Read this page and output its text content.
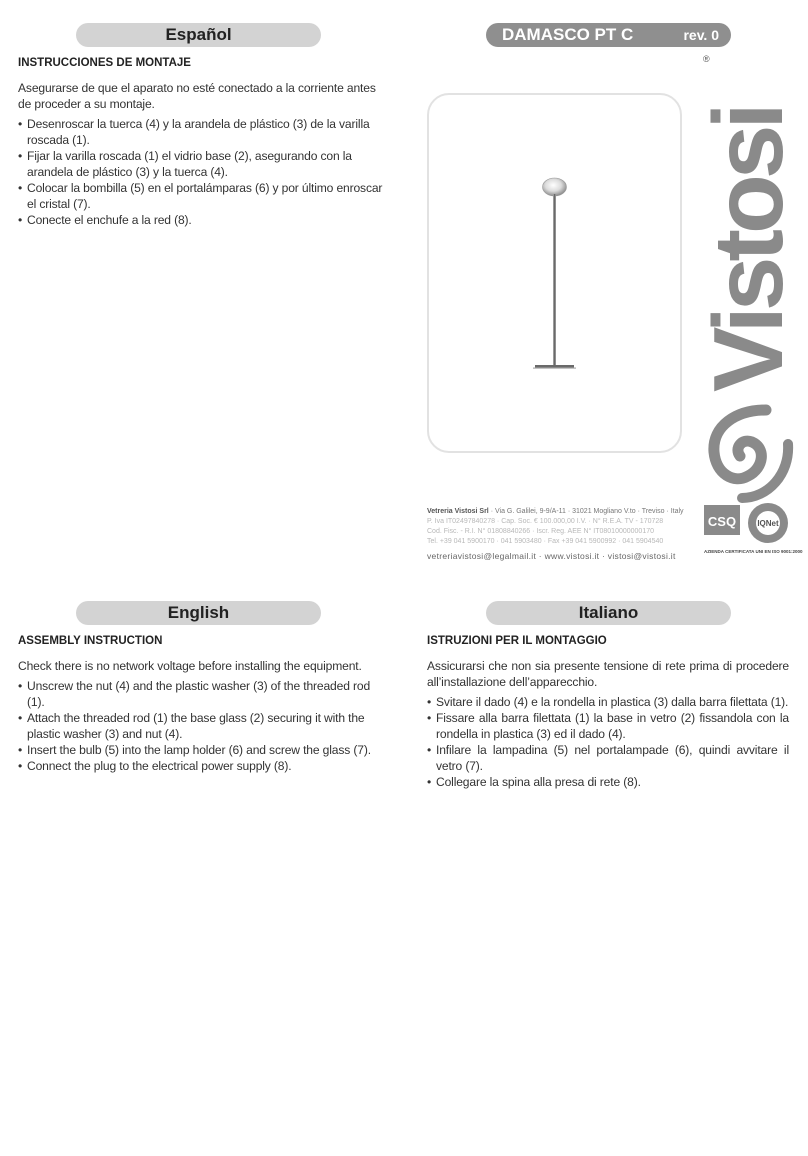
DAMASCO PT C	rev. 0
Español
INSTRUCCIONES DE MONTAJE

Asegurarse de que el aparato no esté conectado a la corriente antes de proceder a su montaje.

• Desenroscar la tuerca (4) y la arandela de plástico (3) de la varilla roscada (1).
• Fijar la varilla roscada (1) el vidrio base (2), asegurando con la arandela de plástico (3) y la tuerca (4).
• Colocar la bombilla (5) en el portalámparas (6) y por último enroscar el cristal (7).
• Conecte el enchufe a la red (8).
®
Vistosi
Vetreria Vistosi Srl · Via G. Galilei, 9-9/A-11 · 31021 Mogliano V.to · Treviso · Italy
P. Iva IT02497840278 · Cap. Soc. € 100.000,00 I.V. · N° R.E.A. TV - 170728
Cod. Fisc. - R.I. N° 01808840266 · Iscr. Reg. AEE N° IT08010000000170
Tel. +39 041 5900170 · 041 5903480 · Fax +39 041 5900992 · 041 5904540
vetreriavistosi@legalmail.it · www.vistosi.it · vistosi@vistosi.it
CSQ	IQNet
AZIENDA CERTIFICATA UNI EN ISO 9001:2000
English
ASSEMBLY INSTRUCTION

Check there is no network voltage before installing the equipment.

• Unscrew the nut (4) and the plastic washer (3) of the threaded rod (1).
• Attach the threaded rod (1) the base glass (2) securing it with the plastic washer (3) and nut (4).
• Insert the bulb (5) into the lamp holder (6) and screw the glass (7).
• Connect the plug to the electrical power supply (8).
Italiano
ISTRUZIONI PER IL MONTAGGIO

Assicurarsi che non sia presente tensione di rete prima di procedere all’installazione dell’apparecchio.

• Svitare il dado (4) e la rondella in plastica (3) dalla barra filettata (1).
• Fissare alla barra filettata (1) la base in vetro (2) fissandola con la rondella in plastica (3) ed il dado (4).
• Infilare la lampadina (5) nel portalampade (6), quindi avvitare il vetro (7).
• Collegare la spina alla presa di rete (8).
